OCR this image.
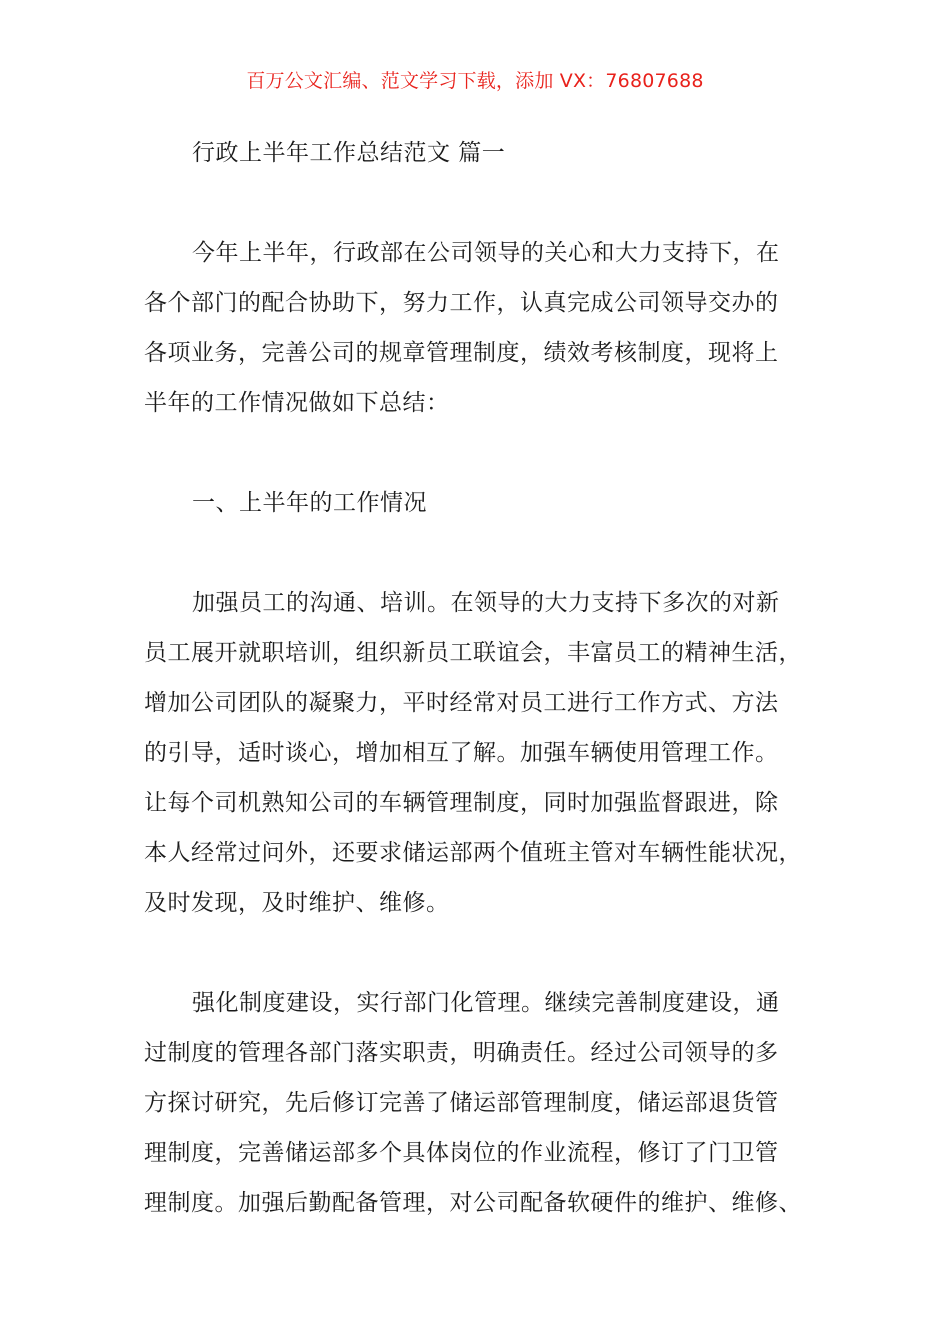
百万公文汇编、范文学习下载，添加 VX：76807688
行政上半年工作总结范文 篇一
今年上半年，行政部在公司领导的关心和大力支持下，在
各个部门的配合协助下，努力工作，认真完成公司领导交办的
各项业务，完善公司的规章管理制度，绩效考核制度，现将上
半年的工作情况做如下总结：
一、上半年的工作情况
加强员工的沟通、培训。在领导的大力支持下多次的对新
员工展开就职培训，组织新员工联谊会，丰富员工的精神生活，
增加公司团队的凝聚力，平时经常对员工进行工作方式、方法
的引导，适时谈心，增加相互了解。加强车辆使用管理工作。
让每个司机熟知公司的车辆管理制度，同时加强监督跟进，除
本人经常过问外，还要求储运部两个值班主管对车辆性能状况，
及时发现，及时维护、维修。
强化制度建设，实行部门化管理。继续完善制度建设，通
过制度的管理各部门落实职责，明确责任。经过公司领导的多
方探讨研究，先后修订完善了储运部管理制度，储运部退货管
理制度，完善储运部多个具体岗位的作业流程，修订了门卫管
理制度。加强后勤配备管理，对公司配备软硬件的维护、维修、
